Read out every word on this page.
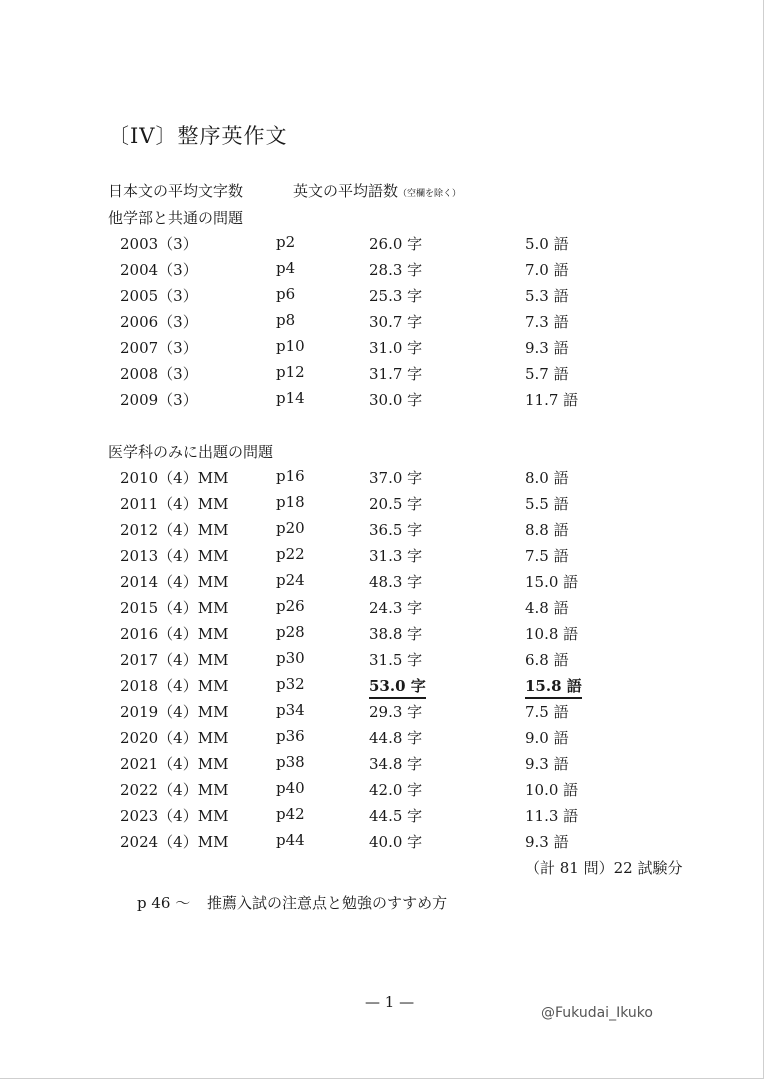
〔IV〕整序英作文
日本文の平均文字数	英文の平均語数（空欄を除く）
他学部と共通の問題
2003（3）	p2	26.0 字	5.0 語
2004（3）	p4	28.3 字	7.0 語
2005（3）	p6	25.3 字	5.3 語
2006（3）	p8	30.7 字	7.3 語
2007（3）	p10	31.0 字	9.3 語
2008（3）	p12	31.7 字	5.7 語
2009（3）	p14	30.0 字	11.7 語
医学科のみに出題の問題
2010（4）MM	p16	37.0 字	8.0 語
2011（4）MM	p18	20.5 字	5.5 語
2012（4）MM	p20	36.5 字	8.8 語
2013（4）MM	p22	31.3 字	7.5 語
2014（4）MM	p24	48.3 字	15.0 語
2015（4）MM	p26	24.3 字	4.8 語
2016（4）MM	p28	38.8 字	10.8 語
2017（4）MM	p30	31.5 字	6.8 語
2018（4）MM	p32	53.0 字	15.8 語
2019（4）MM	p34	29.3 字	7.5 語
2020（4）MM	p36	44.8 字	9.0 語
2021（4）MM	p38	34.8 字	9.3 語
2022（4）MM	p40	42.0 字	10.0 語
2023（4）MM	p42	44.5 字	11.3 語
2024（4）MM	p44	40.0 字	9.3 語
（計 81 問）22 試験分
p 46 〜 推薦入試の注意点と勉強のすすめ方
— 1 —
@Fukudai_Ikuko
